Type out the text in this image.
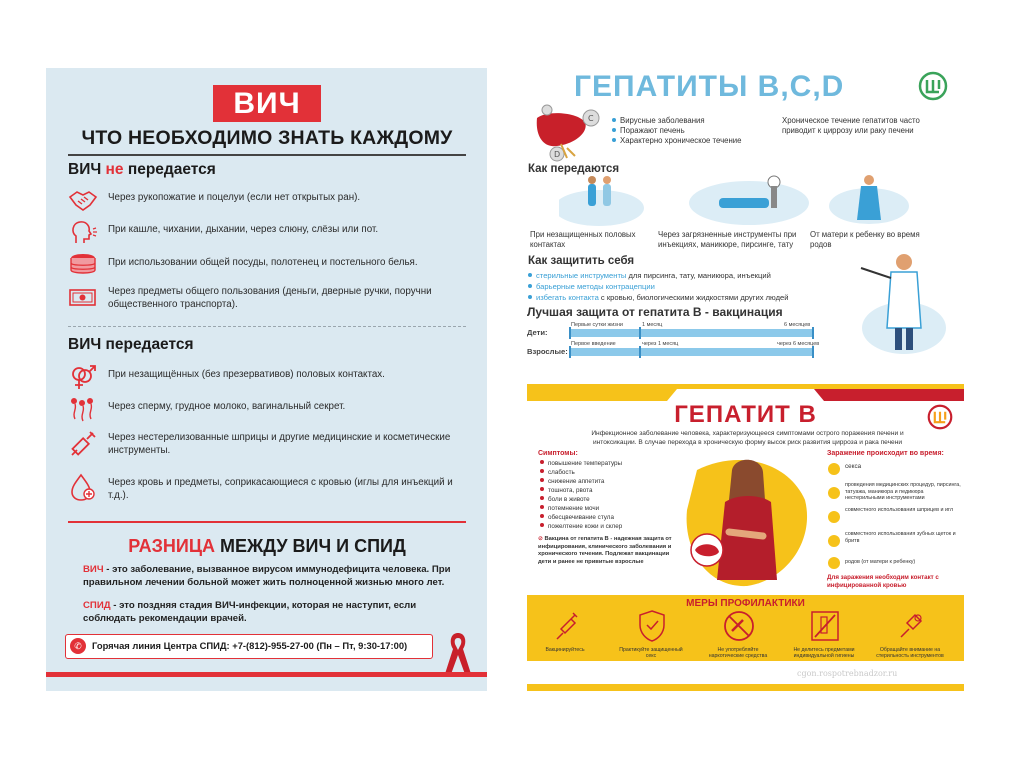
ВИЧ
ЧТО НЕОБХОДИМО ЗНАТЬ КАЖДОМУ
ВИЧ не передается
Через рукопожатие и поцелуи (если нет открытых ран).
При кашле, чихании, дыхании, через слюну, слёзы или пот.
При использовании общей посуды, полотенец и постельного белья.
Через предметы общего пользования (деньги, дверные ручки, поручни общественного транспорта).
ВИЧ передается
При незащищённых (без презервативов) половых контактах.
Через сперму, грудное молоко, вагинальный секрет.
Через нестерелизованные шприцы и другие медицинские и косметические инструменты.
Через кровь и предметы, соприкасающиеся с кровью (иглы для инъекций и т.д.).
РАЗНИЦА МЕЖДУ ВИЧ И СПИД
ВИЧ - это заболевание, вызванное вирусом иммунодефицита человека. При правильном лечении больной может жить полноценной жизнью много лет.
СПИД - это поздняя стадия ВИЧ-инфекции, которая не наступит, если соблюдать рекомендации врачей.
✆	Горячая линия Центра СПИД: +7-(812)-955-27-00 (Пн – Пт, 9:30-17:00)
ГЕПАТИТЫ B,C,D
C
D
Вирусные заболевания
Поражают печень
Характерно хроническое течение
Хроническое течение гепатитов часто приводит к циррозу или раку печени
Как передаются
При незащищенных половых контактах
Через загрязненные инструменты при инъекциях, маникюре, пирсинге, тату
От матери к ребенку во время родов
Как защитить себя
стерильные инструменты для пирсинга, тату, маникюра, инъекций
барьерные методы контрацепции
избегать контакта с кровью, биологическими жидкостями других людей
Лучшая защита от гепатита В - вакцинация
Дети:
Первые сутки жизни	1 месяц	6 месяцев
Взрослые:
Первое введение	через 1 месяц	через 6 месяцев
ГЕПАТИТ В
Инфекционное заболевание человека, характеризующееся симптомами острого поражения печени и интоксикации. В случае перехода в хроническую форму высок риск развития цирроза и рака печени
Симптомы:
повышение температуры
слабость
снижение аппетита
тошнота, рвота
боли в животе
потемнение мочи
обесцвечивание стула
пожелтение кожи и склер
⊘ Вакцина от гепатита В - надежная защита от инфицирования, клинического заболевания и хронического течения. Подлежат вакцинации дети и ранее не привитые взрослые
Заражение происходит во время:
секса
проведения медицинских процедур, пирсинга, татуажа, маникюра и педикюра нестерильными инструментами
совместного использования шприцев и игл
совместного использования зубных щеток и бритв
родов (от матери к ребенку)
Для заражения необходим контакт с инфицированной кровью
МЕРЫ ПРОФИЛАКТИКИ
Вакцинируйтесь	Практикуйте защищенный секс
Не употребляйте наркотические средства
Не делитесь предметами индивидуальной гигиены
Обращайте внимание на стерильность инструментов
cgon.rospotrebnadzor.ru
